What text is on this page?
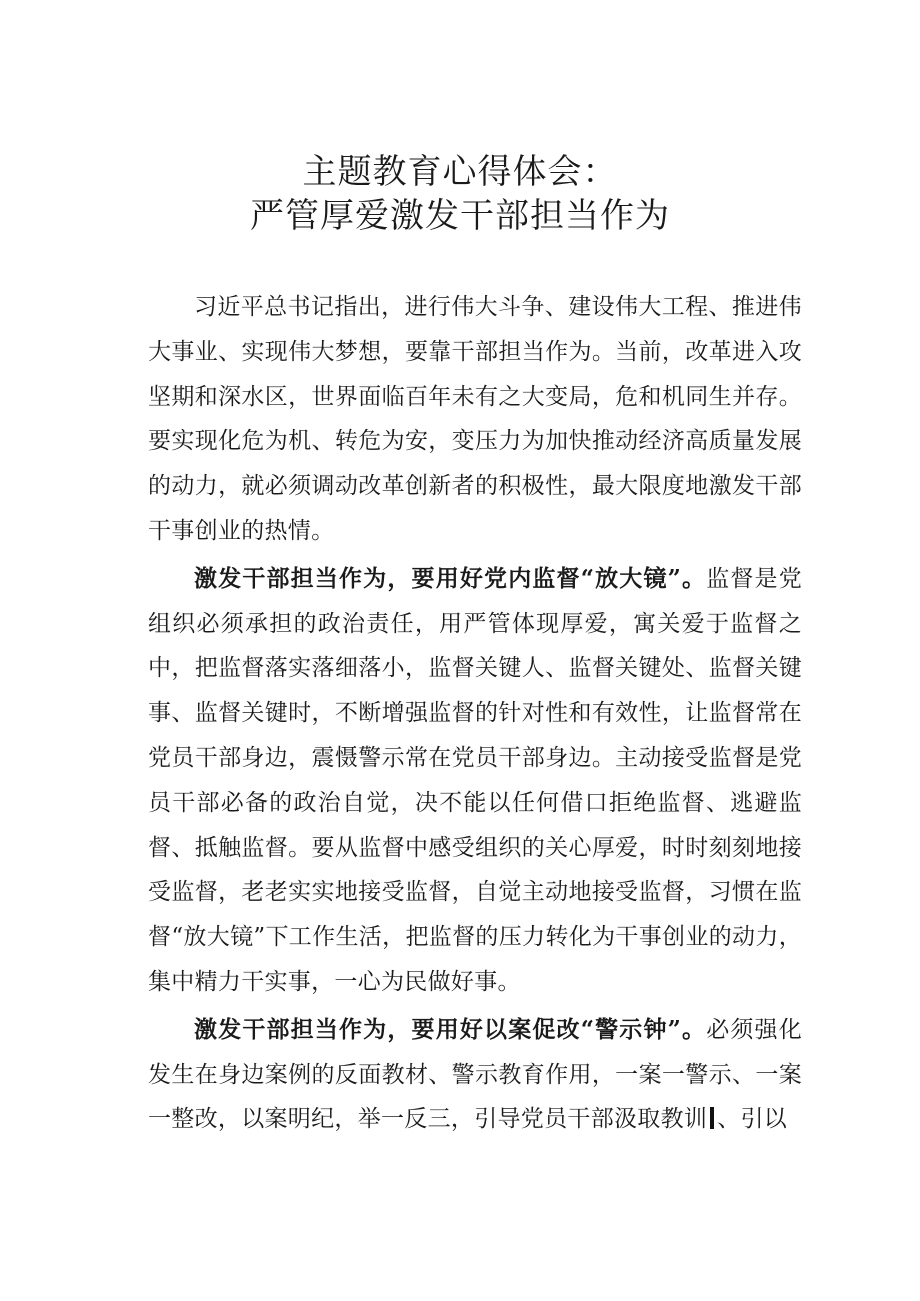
主题教育心得体会：
严管厚爱激发干部担当作为

习近平总书记指出，进行伟大斗争、建设伟大工程、推进伟大事业、实现伟大梦想，要靠干部担当作为。当前，改革进入攻坚期和深水区，世界面临百年未有之大变局，危和机同生并存。要实现化危为机、转危为安，变压力为加快推动经济高质量发展的动力，就必须调动改革创新者的积极性，最大限度地激发干部干事创业的热情。

激发干部担当作为，要用好党内监督“放大镜”。监督是党组织必须承担的政治责任，用严管体现厚爱，寓关爱于监督之中，把监督落实落细落小，监督关键人、监督关键处、监督关键事、监督关键时，不断增强监督的针对性和有效性，让监督常在党员干部身边，震慑警示常在党员干部身边。主动接受监督是党员干部必备的政治自觉，决不能以任何借口拒绝监督、逃避监督、抵触监督。要从监督中感受组织的关心厚爱，时时刻刻地接受监督，老老实实地接受监督，自觉主动地接受监督，习惯在监督“放大镜”下工作生活，把监督的压力转化为干事创业的动力，集中精力干实事，一心为民做好事。

激发干部担当作为，要用好以案促改“警示钟”。必须强化发生在身边案例的反面教材、警示教育作用，一案一警示、一案一整改，以案明纪，举一反三，引导党员干部汲取教训 、引以
